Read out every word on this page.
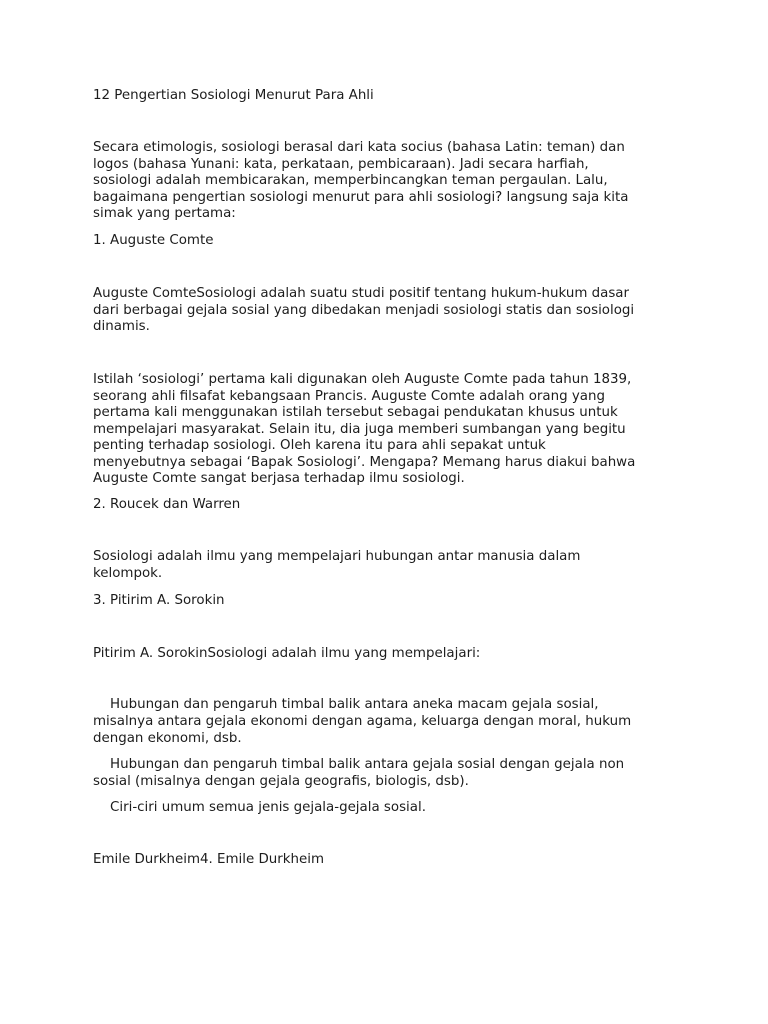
12 Pengertian Sosiologi Menurut Para Ahli
Secara etimologis, sosiologi berasal dari kata socius (bahasa Latin: teman) dan
logos (bahasa Yunani: kata, perkataan, pembicaraan). Jadi secara harfiah,
sosiologi adalah membicarakan, memperbincangkan teman pergaulan. Lalu,
bagaimana pengertian sosiologi menurut para ahli sosiologi? langsung saja kita
simak yang pertama:
1. Auguste Comte
Auguste ComteSosiologi adalah suatu studi positif tentang hukum-hukum dasar
dari berbagai gejala sosial yang dibedakan menjadi sosiologi statis dan sosiologi
dinamis.
Istilah ‘sosiologi’ pertama kali digunakan oleh Auguste Comte pada tahun 1839,
seorang ahli filsafat kebangsaan Prancis. Auguste Comte adalah orang yang
pertama kali menggunakan istilah tersebut sebagai pendukatan khusus untuk
mempelajari masyarakat. Selain itu, dia juga memberi sumbangan yang begitu
penting terhadap sosiologi. Oleh karena itu para ahli sepakat untuk
menyebutnya sebagai ‘Bapak Sosiologi’. Mengapa? Memang harus diakui bahwa
Auguste Comte sangat berjasa terhadap ilmu sosiologi.
2. Roucek dan Warren
Sosiologi adalah ilmu yang mempelajari hubungan antar manusia dalam
kelompok.
3. Pitirim A. Sorokin
Pitirim A. SorokinSosiologi adalah ilmu yang mempelajari:
Hubungan dan pengaruh timbal balik antara aneka macam gejala sosial,
misalnya antara gejala ekonomi dengan agama, keluarga dengan moral, hukum
dengan ekonomi, dsb.
Hubungan dan pengaruh timbal balik antara gejala sosial dengan gejala non
sosial (misalnya dengan gejala geografis, biologis, dsb).
Ciri-ciri umum semua jenis gejala-gejala sosial.
Emile Durkheim4. Emile Durkheim
